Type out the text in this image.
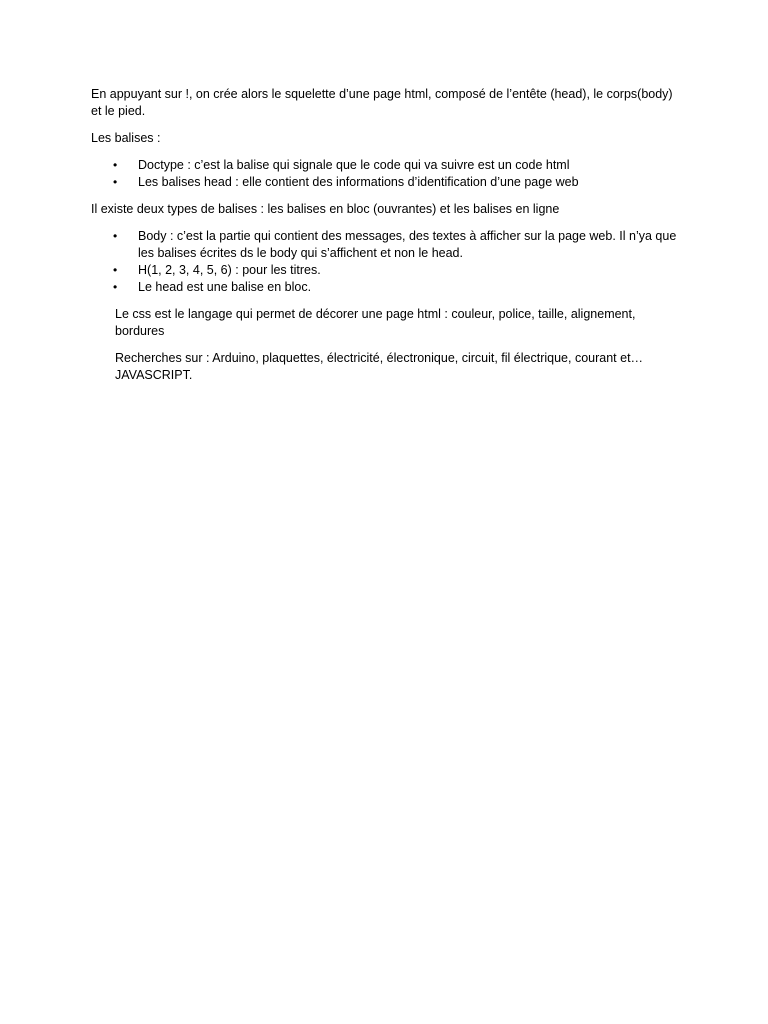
En appuyant sur !, on crée alors le squelette d’une page html, composé de l’entête (head), le corps(body) et le pied.

Les balises :

• Doctype : c’est la balise qui signale que le code qui va suivre est un code html
• Les balises head : elle contient des informations d’identification d’une page web

Il existe deux types de balises : les balises en bloc (ouvrantes) et les balises en ligne

• Body : c’est la partie qui contient des messages, des textes à afficher sur la page web. Il n’ya que les balises écrites ds le body qui s’affichent et non le head.
• H(1, 2, 3, 4, 5, 6) : pour les titres.
• Le head est une balise en bloc.

Le css est le langage qui permet de décorer une page html : couleur, police, taille, alignement, bordures

Recherches sur : Arduino, plaquettes, électricité, électronique, circuit, fil électrique, courant et… JAVASCRIPT.
